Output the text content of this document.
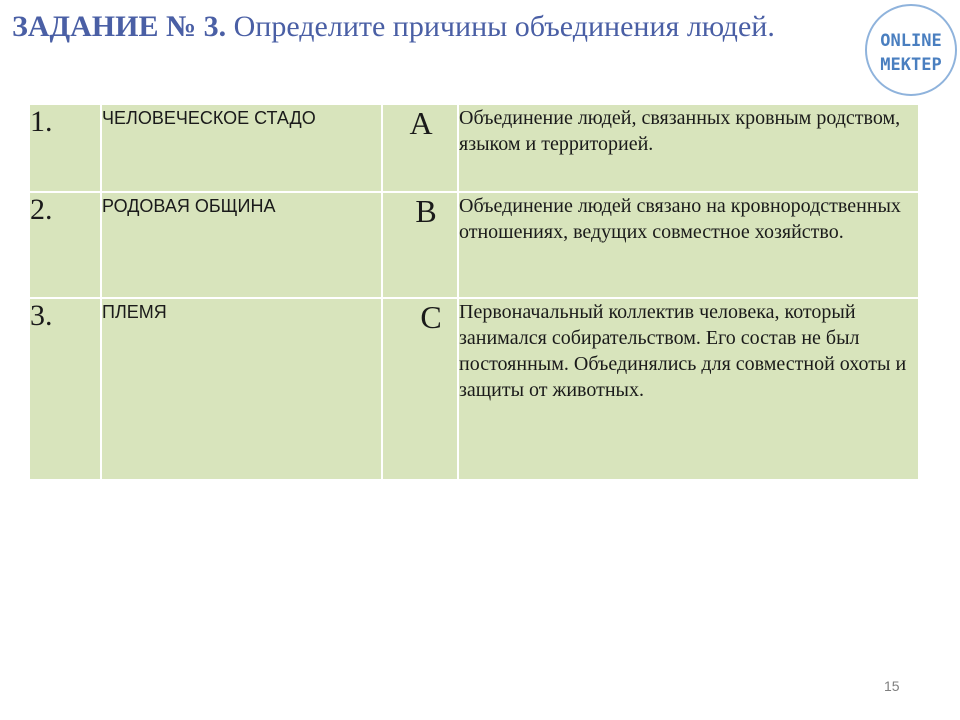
ЗАДАНИЕ № 3. Определите причины объединения людей.	ONLINE
MEKTEP
1.	ЧЕЛОВЕЧЕСКОЕ СТАДО	A	Объединение людей, связанных кровным родством, языком и территорией.
2.	РОДОВАЯ ОБЩИНА	B	Объединение людей связано на кровнородственных отношениях, ведущих совместное хозяйство.
3.	ПЛЕМЯ	C	Первоначальный коллектив человека, который занимался собирательством. Его состав не был постоянным. Объединялись для совместной охоты и защиты от животных.
15
